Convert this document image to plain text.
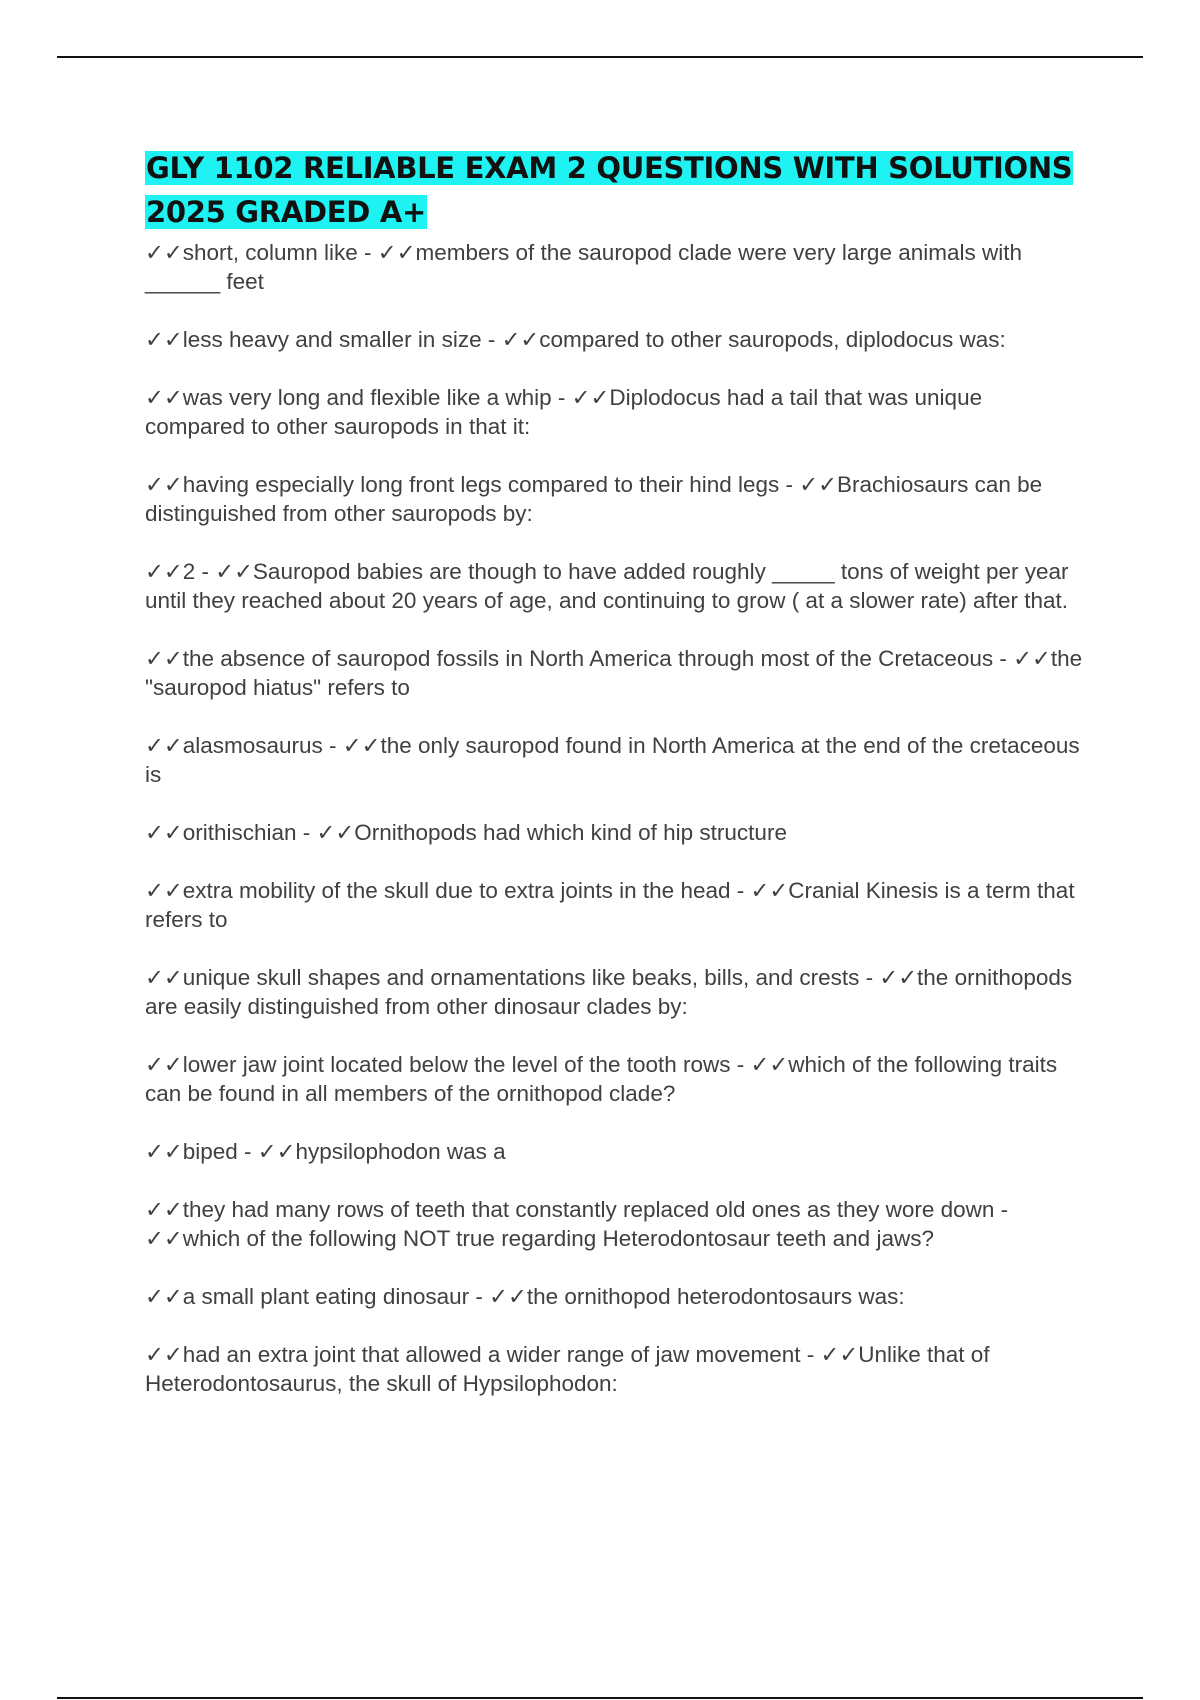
GLY 1102 RELIABLE EXAM 2 QUESTIONS WITH SOLUTIONS 2025 GRADED A+

✓✓short, column like - ✓✓members of the sauropod clade were very large animals with ______ feet

✓✓less heavy and smaller in size - ✓✓compared to other sauropods, diplodocus was:

✓✓was very long and flexible like a whip - ✓✓Diplodocus had a tail that was unique compared to other sauropods in that it:

✓✓having especially long front legs compared to their hind legs - ✓✓Brachiosaurs can be distinguished from other sauropods by:

✓✓2 - ✓✓Sauropod babies are though to have added roughly _____ tons of weight per year until they reached about 20 years of age, and continuing to grow ( at a slower rate) after that.

✓✓the absence of sauropod fossils in North America through most of the Cretaceous - ✓✓the "sauropod hiatus" refers to

✓✓alasmosaurus - ✓✓the only sauropod found in North America at the end of the cretaceous is

✓✓orithischian - ✓✓Ornithopods had which kind of hip structure

✓✓extra mobility of the skull due to extra joints in the head - ✓✓Cranial Kinesis is a term that refers to

✓✓unique skull shapes and ornamentations like beaks, bills, and crests - ✓✓the ornithopods are easily distinguished from other dinosaur clades by:

✓✓lower jaw joint located below the level of the tooth rows - ✓✓which of the following traits can be found in all members of the ornithopod clade?

✓✓biped - ✓✓hypsilophodon was a

✓✓they had many rows of teeth that constantly replaced old ones as they wore down - ✓✓which of the following NOT true regarding Heterodontosaur teeth and jaws?

✓✓a small plant eating dinosaur - ✓✓the ornithopod heterodontosaurs was:

✓✓had an extra joint that allowed a wider range of jaw movement - ✓✓Unlike that of Heterodontosaurus, the skull of Hypsilophodon:
